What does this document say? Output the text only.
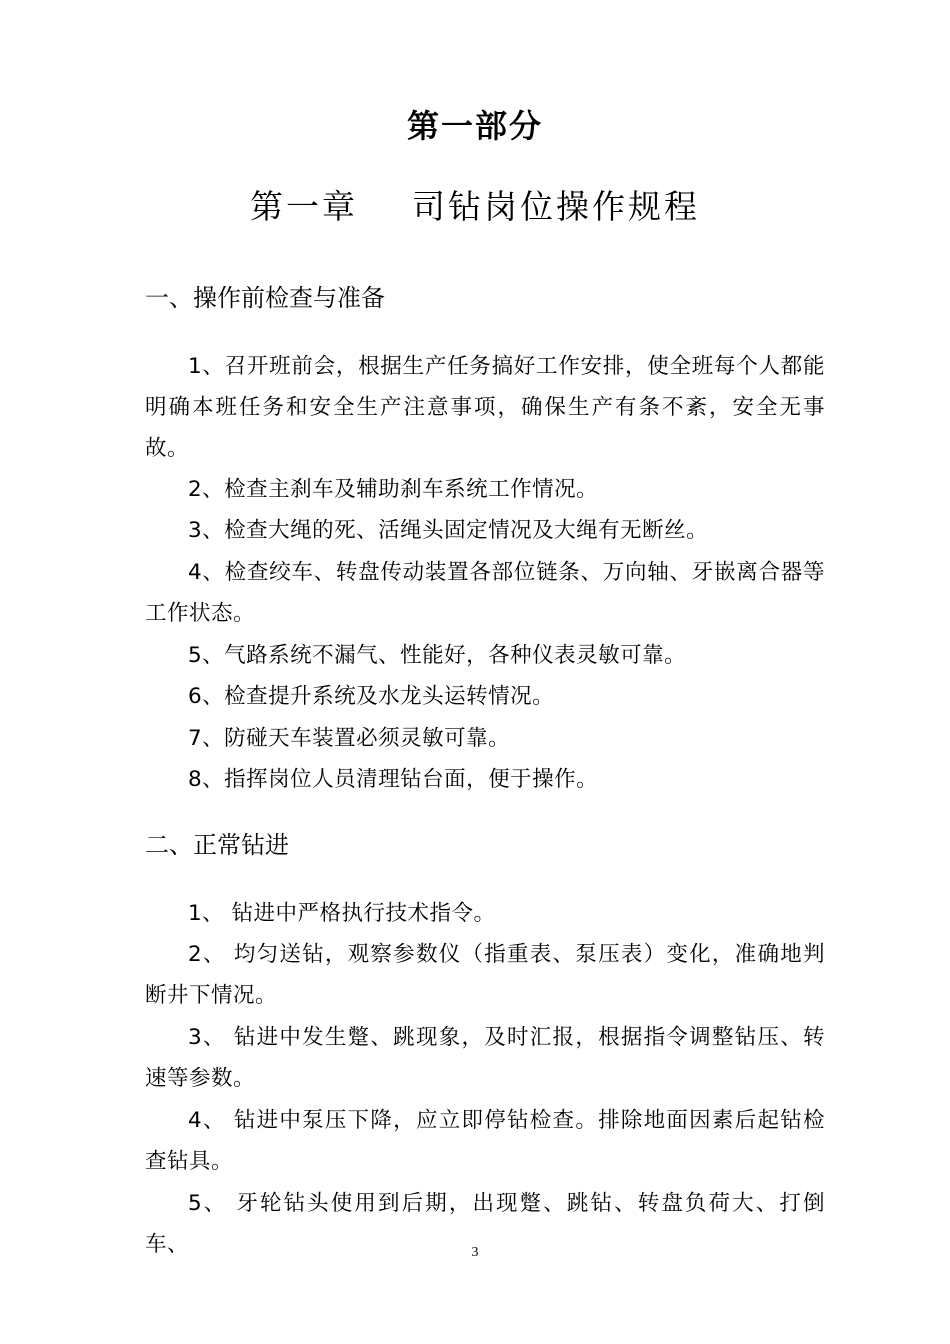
第一部分
第一章    司钻岗位操作规程
一、操作前检查与准备
1、召开班前会，根据生产任务搞好工作安排，使全班每个人都能明确本班任务和安全生产注意事项，确保生产有条不紊，安全无事故。
2、检查主刹车及辅助刹车系统工作情况。
3、检查大绳的死、活绳头固定情况及大绳有无断丝。
4、检查绞车、转盘传动装置各部位链条、万向轴、牙嵌离合器等工作状态。
5、气路系统不漏气、性能好，各种仪表灵敏可靠。
6、检查提升系统及水龙头运转情况。
7、防碰天车装置必须灵敏可靠。
8、指挥岗位人员清理钻台面，便于操作。
二、正常钻进
1、 钻进中严格执行技术指令。
2、 均匀送钻，观察参数仪（指重表、泵压表）变化，准确地判断井下情况。
3、 钻进中发生蹩、跳现象，及时汇报，根据指令调整钻压、转速等参数。
4、 钻进中泵压下降，应立即停钻检查。排除地面因素后起钻检查钻具。
5、 牙轮钻头使用到后期，出现蹩、跳钻、转盘负荷大、打倒车、	3
